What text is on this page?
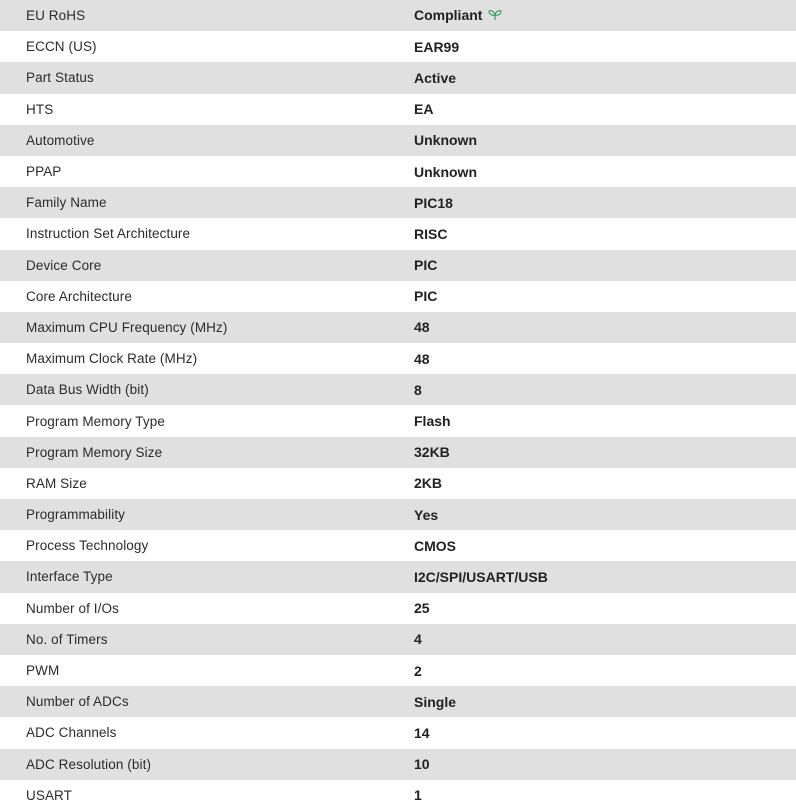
EU RoHS	Compliant
ECCN (US)	EAR99
Part Status	Active
HTS	EA
Automotive	Unknown
PPAP	Unknown
Family Name	PIC18
Instruction Set Architecture	RISC
Device Core	PIC
Core Architecture	PIC
Maximum CPU Frequency (MHz)	48
Maximum Clock Rate (MHz)	48
Data Bus Width (bit)	8
Program Memory Type	Flash
Program Memory Size	32KB
RAM Size	2KB
Programmability	Yes
Process Technology	CMOS
Interface Type	I2C/SPI/USART/USB
Number of I/Os	25
No. of Timers	4
PWM	2
Number of ADCs	Single
ADC Channels	14
ADC Resolution (bit)	10
USART	1
